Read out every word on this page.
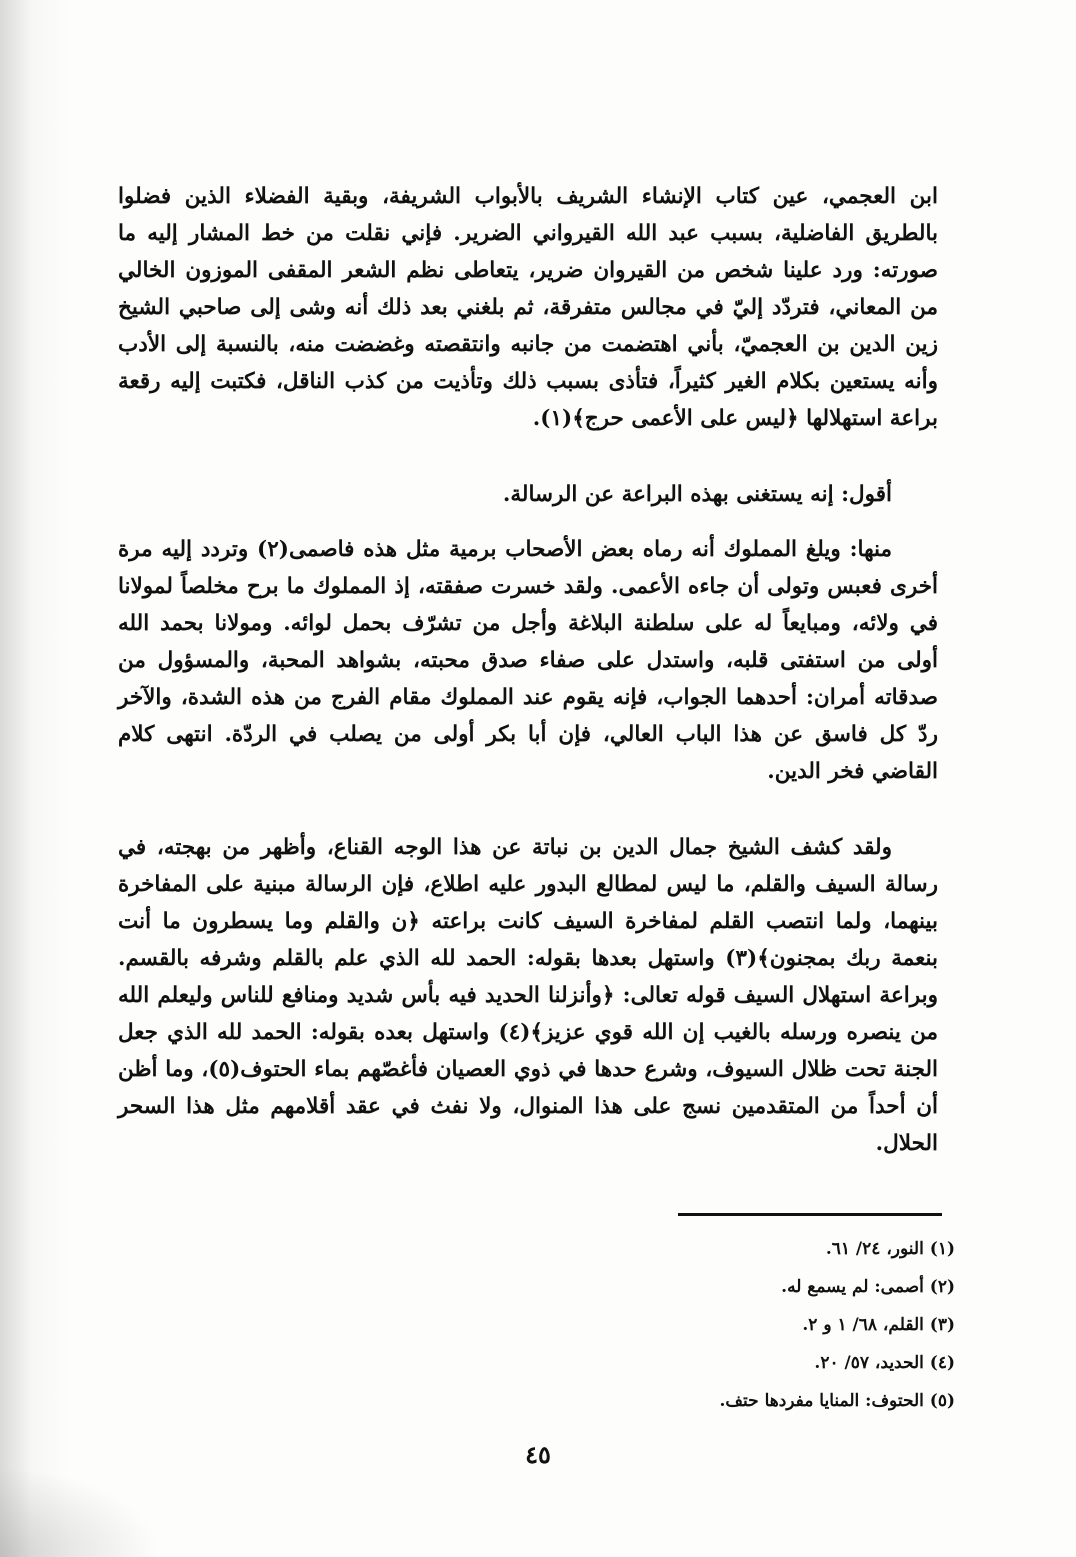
ابن العجمي، عين كتاب الإنشاء الشريف بالأبواب الشريفة، وبقية الفضلاء الذين فضلوا بالطريق الفاضلية، بسبب عبد الله القيرواني الضرير. فإني نقلت من خط المشار إليه ما صورته: ورد علينا شخص من القيروان ضرير، يتعاطى نظم الشعر المقفى الموزون الخالي من المعاني، فتردّد إليّ في مجالس متفرقة، ثم بلغني بعد ذلك أنه وشى إلى صاحبي الشيخ زين الدين بن العجميّ، بأني اهتضمت من جانبه وانتقصته وغضضت منه، بالنسبة إلى الأدب وأنه يستعين بكلام الغير كثيراً، فتأذى بسبب ذلك وتأذيت من كذب الناقل، فكتبت إليه رقعة براعة استهلالها ﴿ليس على الأعمى حرج﴾(١).

أقول: إنه يستغنى بهذه البراعة عن الرسالة.

منها: ويلغ المملوك أنه رماه بعض الأصحاب برمية مثل هذه فاصمى(٢) وتردد إليه مرة أخرى فعبس وتولى أن جاءه الأعمى. ولقد خسرت صفقته، إذ المملوك ما برح مخلصاً لمولانا في ولائه، ومبايعاً له على سلطنة البلاغة وأجل من تشرّف بحمل لوائه. ومولانا بحمد الله أولى من استفتى قلبه، واستدل على صفاء صدق محبته، بشواهد المحبة، والمسؤول من صدقاته أمران: أحدهما الجواب، فإنه يقوم عند المملوك مقام الفرج من هذه الشدة، والآخر ردّ كل فاسق عن هذا الباب العالي، فإن أبا بكر أولى من يصلب في الردّة. انتهى كلام القاضي فخر الدين.

ولقد كشف الشيخ جمال الدين بن نباتة عن هذا الوجه القناع، وأظهر من بهجته، في رسالة السيف والقلم، ما ليس لمطالع البدور عليه اطلاع، فإن الرسالة مبنية على المفاخرة بينهما، ولما انتصب القلم لمفاخرة السيف كانت براعته ﴿ن والقلم وما يسطرون ما أنت بنعمة ربك بمجنون﴾(٣) واستهل بعدها بقوله: الحمد لله الذي علم بالقلم وشرفه بالقسم. وبراعة استهلال السيف قوله تعالى: ﴿وأنزلنا الحديد فيه بأس شديد ومنافع للناس وليعلم الله من ينصره ورسله بالغيب إن الله قوي عزيز﴾(٤) واستهل بعده بقوله: الحمد لله الذي جعل الجنة تحت ظلال السيوف، وشرع حدها في ذوي العصيان فأغصّهم بماء الحتوف(٥)، وما أظن أن أحداً من المتقدمين نسج على هذا المنوال، ولا نفث في عقد أقلامهم مثل هذا السحر الحلال.

(١) النور، ٢٤/ ٦١.
(٢) أصمى: لم يسمع له.
(٣) القلم، ٦٨/ ١ و ٢.
(٤) الحديد، ٥٧/ ٢٠.
(٥) الحتوف: المنايا مفردها حتف.
٤٥
